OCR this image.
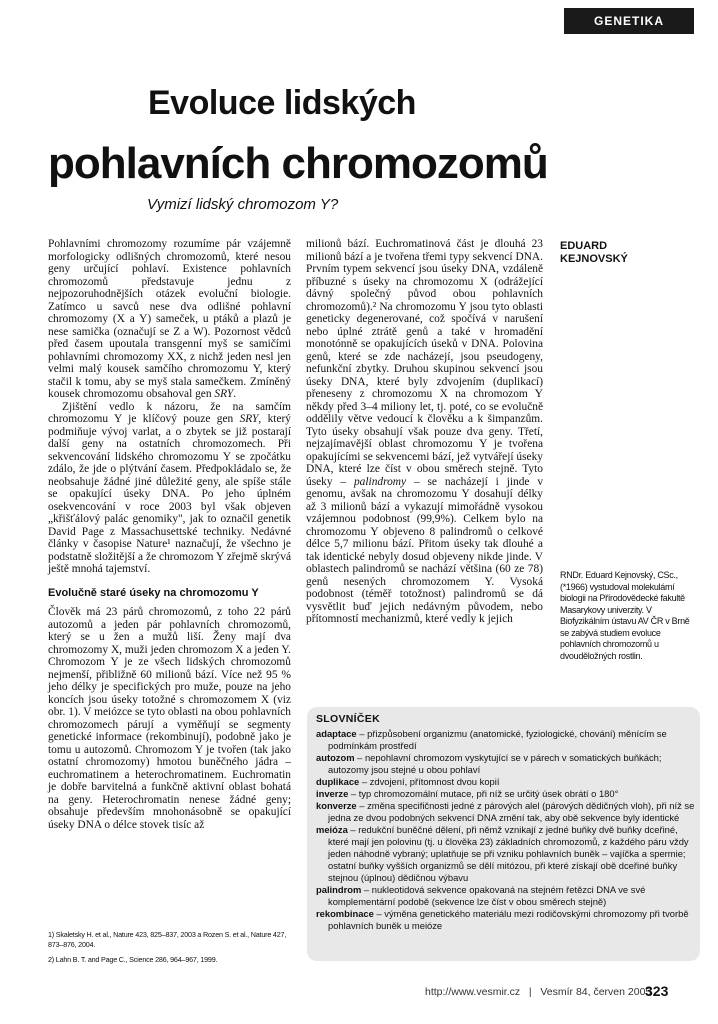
GENETIKA
Evoluce lidských
pohlavních chromozomů
Vymizí lidský chromozom Y?

Pohlavními chromozomy rozumíme pár vzájemně morfologicky odlišných chromozomů, které nesou geny určující pohlaví. Existence pohlavních chromozomů představuje jednu z nejpozoruhodnějších otázek evoluční biologie. Zatímco u savců nese dva odlišné pohlavní chromozomy (X a Y) sameček, u ptáků a plazů je nese samička (označují se Z a W). Pozornost vědců před časem upoutala transgenní myš se samičími pohlavními chromozomy XX, z nichž jeden nesl jen velmi malý kousek samčího chromozomu Y, který stačil k tomu, aby se myš stala samečkem. Zmíněný kousek chromozomu obsahoval gen SRY.

Zjištění vedlo k názoru, že na samčím chromozomu Y je klíčový pouze gen SRY, který podmiňuje vývoj varlat, a o zbytek se již postarají další geny na ostatních chromozomech. Při sekvencování lidského chromozomu Y se zpočátku zdálo, že jde o plýtvání časem. Předpokládalo se, že neobsahuje žádné jiné důležité geny, ale spíše stále se opakující úseky DNA. Po jeho úplném osekvencování v roce 2003 byl však objeven „křišťálový palác genomiky", jak to označil genetik David Page z Massachusettské techniky. Nedávné články v časopise Nature¹ naznačují, že všechno je podstatně složitější a že chromozom Y zřejmě skrývá ještě mnohá tajemství.

Evolučně staré úseky na chromozomu Y

Člověk má 23 párů chromozomů, z toho 22 párů autozomů a jeden pár pohlavních chromozomů, který se u žen a mužů liší. Ženy mají dva chromozomy X, muži jeden chromozom X a jeden Y. Chromozom Y je ze všech lidských chromozomů nejmenší, přibližně 60 milionů bází. Více než 95 % jeho délky je specifických pro muže, pouze na jeho koncích jsou úseky totožné s chromozomem X (viz obr. 1). V meiózce se tyto oblasti na obou pohlavních chromozomech párují a vyměňují se segmenty genetické informace (rekombinují), podobně jako je tomu u autozomů. Chromozom Y je tvořen (tak jako ostatní chromozomy) hmotou buněčného jádra – euchromatinem a heterochromatinem. Euchromatin je dobře barvitelná a funkčně aktivní oblast bohatá na geny. Heterochromatin nenese žádné geny; obsahuje především mnohonásobně se opakující úseky DNA o délce stovek tisíc až

milionů bází. Euchromatinová část je dlouhá 23 milionů bází a je tvořena třemi typy sekvencí DNA. Prvním typem sekvencí jsou úseky DNA, vzdáleně příbuzné s úseky na chromozomu X (odrážející dávný společný původ obou pohlavních chromozomů).² Na chromozomu Y jsou tyto oblasti geneticky degenerované, což spočívá v narušení nebo úplné ztrátě genů a také v hromadění monotónně se opakujících úseků v DNA. Polovina genů, které se zde nacházejí, jsou pseudogeny, nefunkční zbytky. Druhou skupinou sekvencí jsou úseky DNA, které byly zdvojením (duplikací) přeneseny z chromozomu X na chromozom Y někdy před 3–4 miliony let, tj. poté, co se evolučně oddělily větve vedoucí k člověku a k šimpanzům. Tyto úseky obsahují však pouze dva geny. Třetí, nejzajímavější oblast chromozomu Y je tvořena opakujícími se sekvencemi bází, jež vytvářejí úseky DNA, které lze číst v obou směrech stejně. Tyto úseky – palindromy – se nacházejí i jinde v genomu, avšak na chromozomu Y dosahují délky až 3 milionů bází a vykazují mimořádně vysokou vzájemnou podobnost (99,9%). Celkem bylo na chromozomu Y objeveno 8 palindromů o celkové délce 5,7 milionu bází. Přitom úseky tak dlouhé a tak identické nebyly dosud objeveny nikde jinde. V oblastech palindromů se nachází většina (60 ze 78) genů nesených chromozomem Y. Vysoká podobnost (téměř totožnost) palindromů se dá vysvětlit buď jejich nedávným původem, nebo přítomností mechanizmů, které vedly k jejich

EDUARD
KEJNOVSKÝ
RNDr. Eduard Kejnovský, CSc., (*1966) vystudoval molekulární biologii na Přírodovědecké fakultě Masarykovy univerzity. V Biofyzikálním ústavu AV ČR v Brně se zabývá studiem evoluce pohlavních chromozomů u dvouděložných rostlin.
SLOVNÍČEK

adaptace – přizpůsobení organizmu (anatomické, fyziologické, chování) měnícím se podmínkám prostředí

autozom – nepohlavní chromozom vyskytující se v párech v somatických buňkách; autozomy jsou stejné u obou pohlaví

duplikace – zdvojení, přítomnost dvou kopií

inverze – typ chromozomální mutace, při níž se určitý úsek obrátí o 180°

konverze – změna specifičnosti jedné z párových alel (párových dědičných vloh), při níž se jedna ze dvou podobných sekvencí DNA změní tak, aby obě sekvence byly identické

meióza – redukční buněčné dělení, při němž vznikají z jedné buňky dvě buňky dceřiné, které mají jen polovinu (tj. u člověka 23) základních chromozomů, z každého páru vždy jeden náhodně vybraný; uplatňuje se při vzniku pohlavních buněk – vajíčka a spermie; ostatní buňky vyšších organizmů se dělí mitózou, při které získají obě dceřiné buňky stejnou (úplnou) dědičnou výbavu

palindrom – nukleotidová sekvence opakovaná na stejném řetězci DNA ve své komplementární podobě (sekvence lze číst v obou směrech stejně)

rekombinace – výměna genetického materiálu mezi rodičovskými chromozomy při tvorbě pohlavních buněk u meióze

1) Skaletsky H. et al., Nature 423, 825–837, 2003 a Rozen S. et al., Nature 427, 873–876, 2004.
2) Lahn B. T. and Page C., Science 286, 964–967, 1999.
http://www.vesmir.cz   |   Vesmír 84, červen 2005
323
